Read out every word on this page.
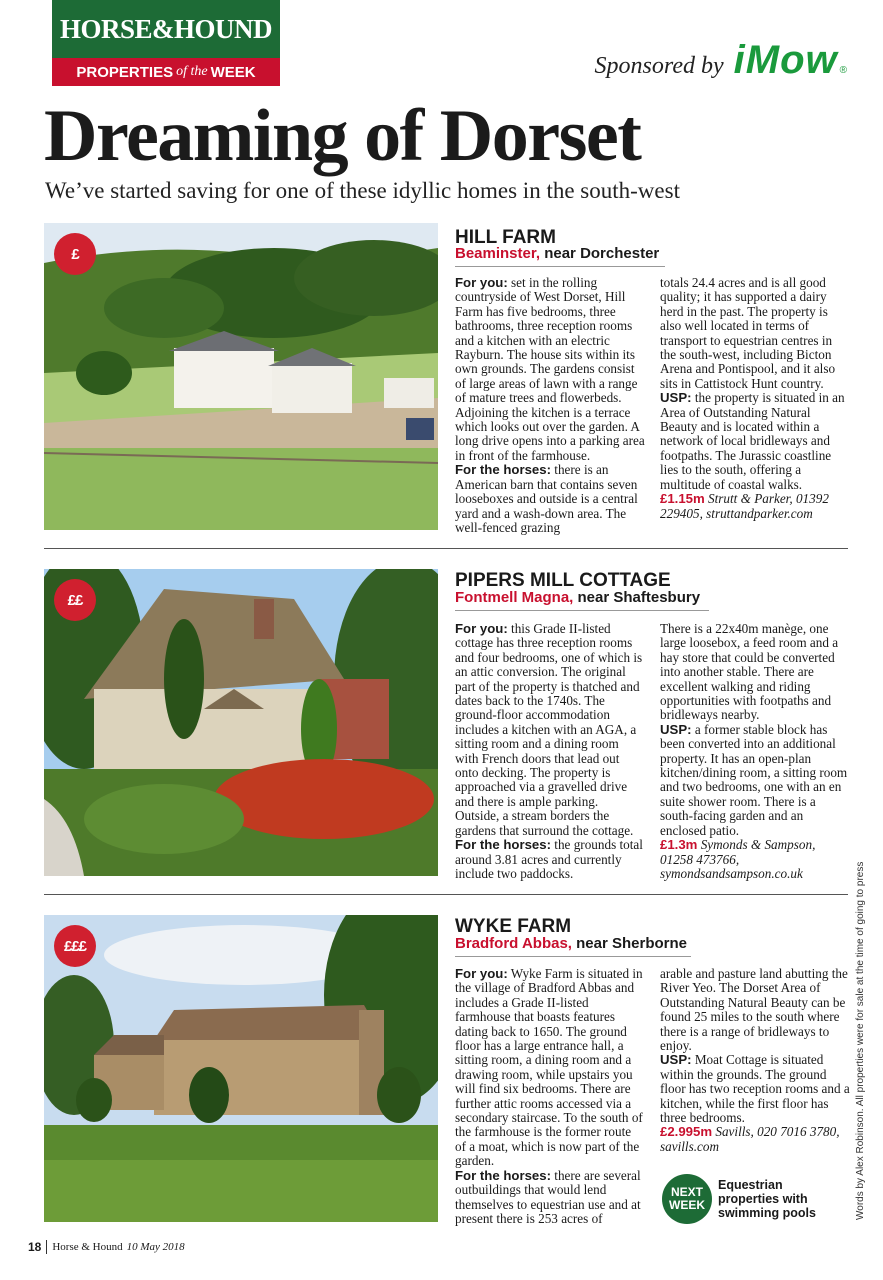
HORSE&HOUND
PROPERTIES of the WEEK	Sponsored by iMow ®
Dreaming of Dorset
We’ve started saving for one of these idyllic homes in the south-west
£
HILL FARM
Beaminster, near Dorchester
For you: set in the rolling countryside of West Dorset, Hill Farm has five bedrooms, three bathrooms, three reception rooms and a kitchen with an electric Rayburn. The house sits within its own grounds. The gardens consist of large areas of lawn with a range of mature trees and flowerbeds. Adjoining the kitchen is a terrace which looks out over the garden. A long drive opens into a parking area in front of the farmhouse.
For the horses: there is an American barn that contains seven looseboxes and outside is a central yard and a wash-down area. The well-fenced grazing
totals 24.4 acres and is all good quality; it has supported a dairy herd in the past. The property is also well located in terms of transport to equestrian centres in the south-west, including Bicton Arena and Pontispool, and it also sits in Cattistock Hunt country.
USP: the property is situated in an Area of Outstanding Natural Beauty and is located within a network of local bridleways and footpaths. The Jurassic coastline lies to the south, offering a multitude of coastal walks.
£1.15m Strutt & Parker, 01392 229405, struttandparker.com
££
PIPERS MILL COTTAGE
Fontmell Magna, near Shaftesbury
For you: this Grade II-listed cottage has three reception rooms and four bedrooms, one of which is an attic conversion. The original part of the property is thatched and dates back to the 1740s. The ground-floor accommodation includes a kitchen with an AGA, a sitting room and a dining room with French doors that lead out onto decking. The property is approached via a gravelled drive and there is ample parking. Outside, a stream borders the gardens that surround the cottage.
For the horses: the grounds total around 3.81 acres and currently include two paddocks.
There is a 22x40m manège, one large loosebox, a feed room and a hay store that could be converted into another stable. There are excellent walking and riding opportunities with footpaths and bridleways nearby.
USP: a former stable block has been converted into an additional property. It has an open-plan kitchen/dining room, a sitting room and two bedrooms, one with an en suite shower room. There is a south-facing garden and an enclosed patio.
£1.3m Symonds & Sampson, 01258 473766, symondsandsampson.co.uk
£££
WYKE FARM
Bradford Abbas, near Sherborne
For you: Wyke Farm is situated in the village of Bradford Abbas and includes a Grade II-listed farmhouse that boasts features dating back to 1650. The ground floor has a large entrance hall, a sitting room, a dining room and a drawing room, while upstairs you will find six bedrooms. There are further attic rooms accessed via a secondary staircase. To the south of the farmhouse is the former route of a moat, which is now part of the garden.
For the horses: there are several outbuildings that would lend themselves to equestrian use and at present there is 253 acres of
arable and pasture land abutting the River Yeo. The Dorset Area of Outstanding Natural Beauty can be found 25 miles to the south where there is a range of bridleways to enjoy.
USP: Moat Cottage is situated within the grounds. The ground floor has two reception rooms and a kitchen, while the first floor has three bedrooms.
£2.995m Savills, 020 7016 3780, savills.com
NEXT WEEK
Equestrian properties with swimming pools	Words by Alex Robinson. All properties were for sale at the time of going to press
18	Horse & Hound 10 May 2018
